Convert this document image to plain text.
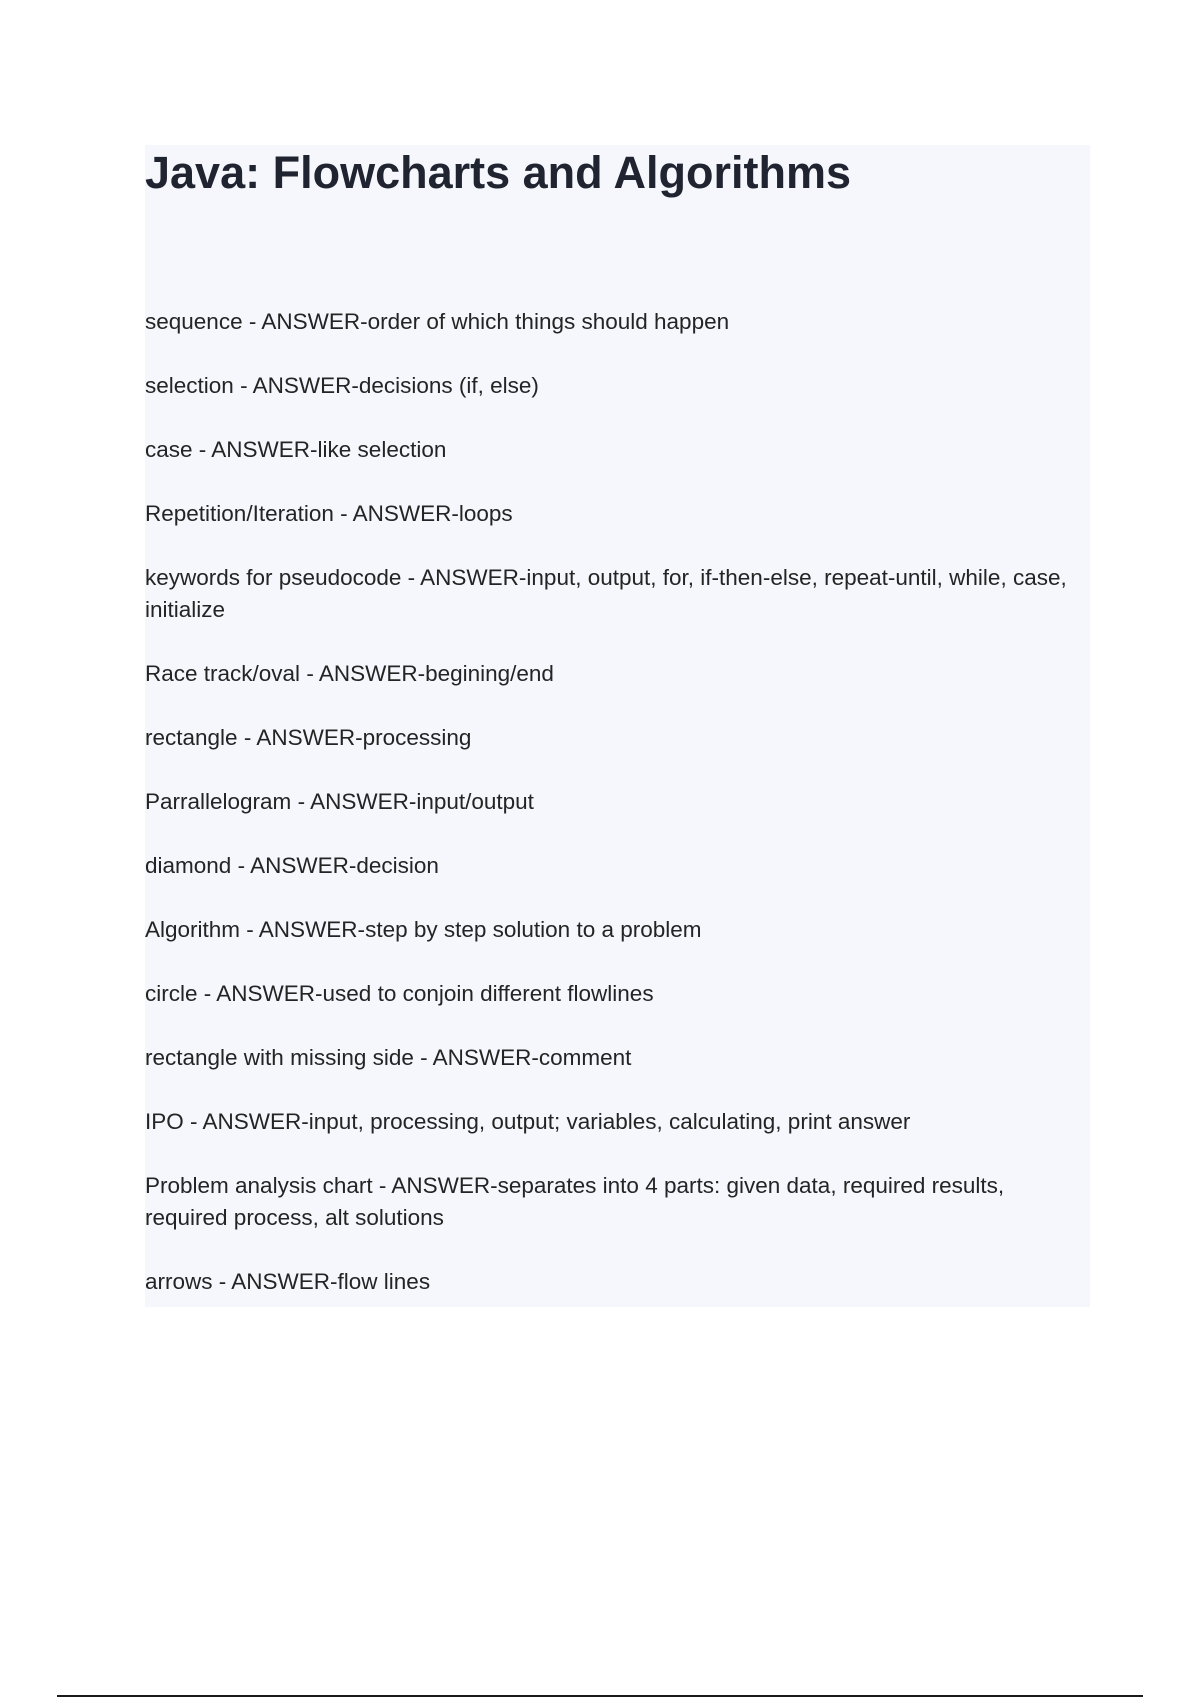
Java: Flowcharts and Algorithms
sequence - ANSWER-order of which things should happen
selection - ANSWER-decisions (if, else)
case - ANSWER-like selection
Repetition/Iteration - ANSWER-loops
keywords for pseudocode - ANSWER-input, output, for, if-then-else, repeat-until, while, case, initialize
Race track/oval - ANSWER-begining/end
rectangle - ANSWER-processing
Parrallelogram - ANSWER-input/output
diamond - ANSWER-decision
Algorithm - ANSWER-step by step solution to a problem
circle - ANSWER-used to conjoin different flowlines
rectangle with missing side - ANSWER-comment
IPO - ANSWER-input, processing, output; variables, calculating, print answer
Problem analysis chart - ANSWER-separates into 4 parts: given data, required results, required process, alt solutions
arrows - ANSWER-flow lines
